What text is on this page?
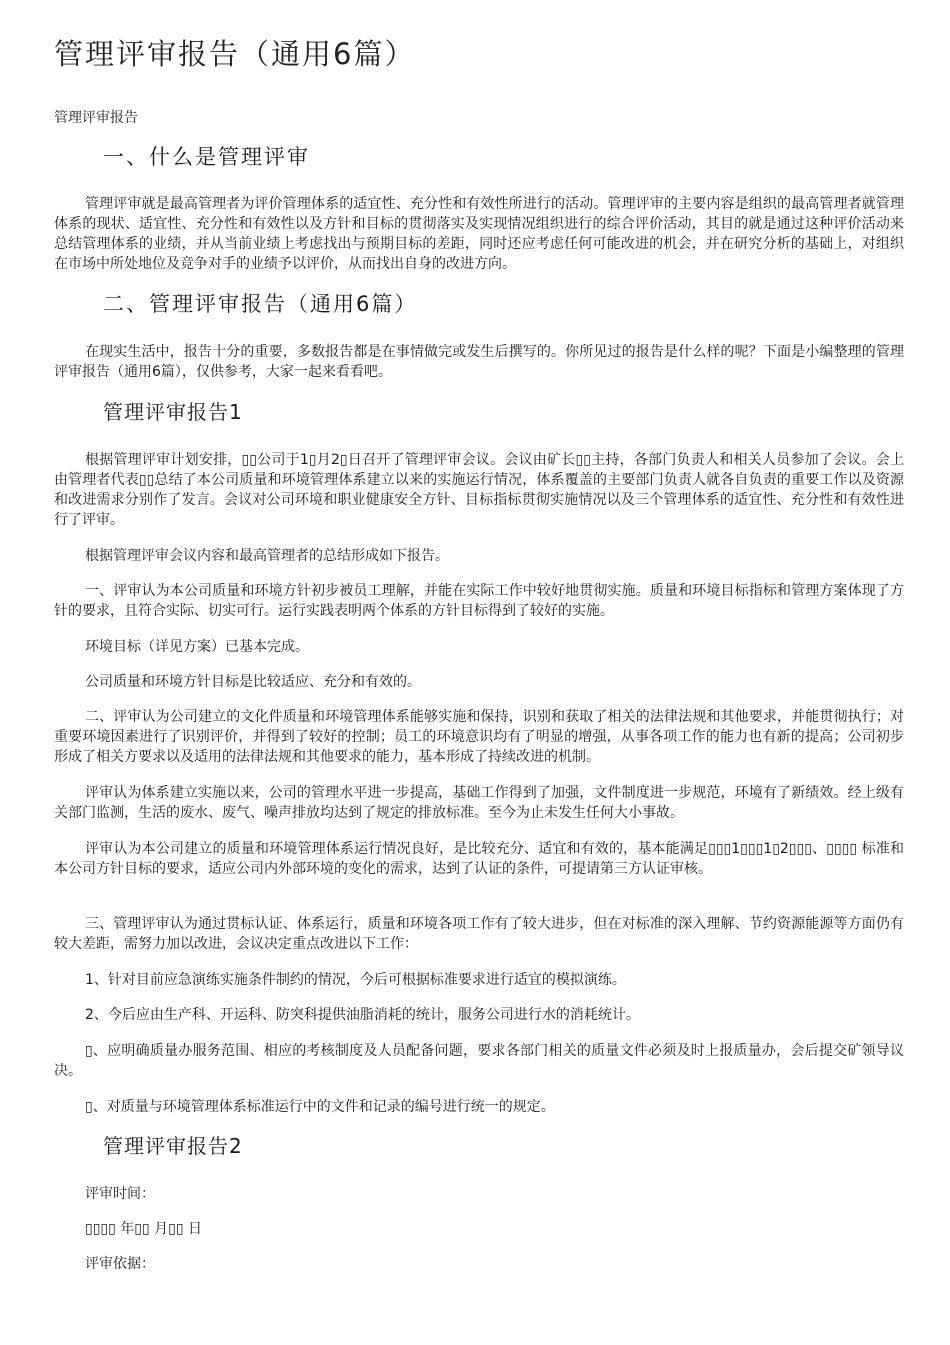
管理评审报告（通用6篇）
管理评审报告
一、什么是管理评审

管理评审就是最高管理者为评价管理体系的适宜性、充分性和有效性所进行的活动。管理评审的主要内容是组织的最高管理者就管理体系的现状、适宜性、充分性和有效性以及方针和目标的贯彻落实及实现情况组织进行的综合评价活动，其目的就是通过这种评价活动来总结管理体系的业绩，并从当前业绩上考虑找出与预期目标的差距，同时还应考虑任何可能改进的机会，并在研究分析的基础上，对组织在市场中所处地位及竞争对手的业绩予以评价，从而找出自身的改进方向。

二、管理评审报告（通用6篇）

在现实生活中，报告十分的重要，多数报告都是在事情做完或发生后撰写的。你所见过的报告是什么样的呢？下面是小编整理的管理评审报告（通用6篇），仅供参考，大家一起来看看吧。

管理评审报告1

根据管理评审计划安排，▯▯公司于1▯月2▯日召开了管理评审会议。会议由矿长▯▯主持，各部门负责人和相关人员参加了会议。会上由管理者代表▯▯总结了本公司质量和环境管理体系建立以来的实施运行情况，体系覆盖的主要部门负责人就各自负责的重要工作以及资源和改进需求分别作了发言。会议对公司环境和职业健康安全方针、目标指标贯彻实施情况以及三个管理体系的适宜性、充分性和有效性进行了评审。

根据管理评审会议内容和最高管理者的总结形成如下报告。

一、评审认为本公司质量和环境方针初步被员工理解，并能在实际工作中较好地贯彻实施。质量和环境目标指标和管理方案体现了方针的要求，且符合实际、切实可行。运行实践表明两个体系的方针目标得到了较好的实施。

环境目标（详见方案）已基本完成。

公司质量和环境方针目标是比较适应、充分和有效的。

二、评审认为公司建立的文化件质量和环境管理体系能够实施和保持，识别和获取了相关的法律法规和其他要求，并能贯彻执行；对重要环境因素进行了识别评价，并得到了较好的控制；员工的环境意识均有了明显的增强，从事各项工作的能力也有新的提高；公司初步形成了相关方要求以及适用的法律法规和其他要求的能力，基本形成了持续改进的机制。

评审认为体系建立实施以来，公司的管理水平进一步提高，基础工作得到了加强，文件制度进一步规范，环境有了新绩效。经上级有关部门监测，生活的废水、废气、噪声排放均达到了规定的排放标准。至今为止未发生任何大小事故。

评审认为本公司建立的质量和环境管理体系运行情况良好，是比较充分、适宜和有效的，基本能满足▯▯▯1▯▯▯1▯2▯▯▯、▯▯▯▯ 标准和本公司方针目标的要求，适应公司内外部环境的变化的需求，达到了认证的条件，可提请第三方认证审核。

三、管理评审认为通过贯标认证、体系运行，质量和环境各项工作有了较大进步，但在对标准的深入理解、节约资源能源等方面仍有较大差距，需努力加以改进，会议决定重点改进以下工作：

1、针对目前应急演练实施条件制约的情况，今后可根据标准要求进行适宜的模拟演练。

2、今后应由生产科、开运科、防突科提供油脂消耗的统计，服务公司进行水的消耗统计。

▯、应明确质量办服务范围、相应的考核制度及人员配备问题，要求各部门相关的质量文件必须及时上报质量办，会后提交矿领导议决。

▯、对质量与环境管理体系标准运行中的文件和记录的编号进行统一的规定。

管理评审报告2

评审时间：

▯▯▯▯ 年▯▯ 月▯▯ 日

评审依据：
